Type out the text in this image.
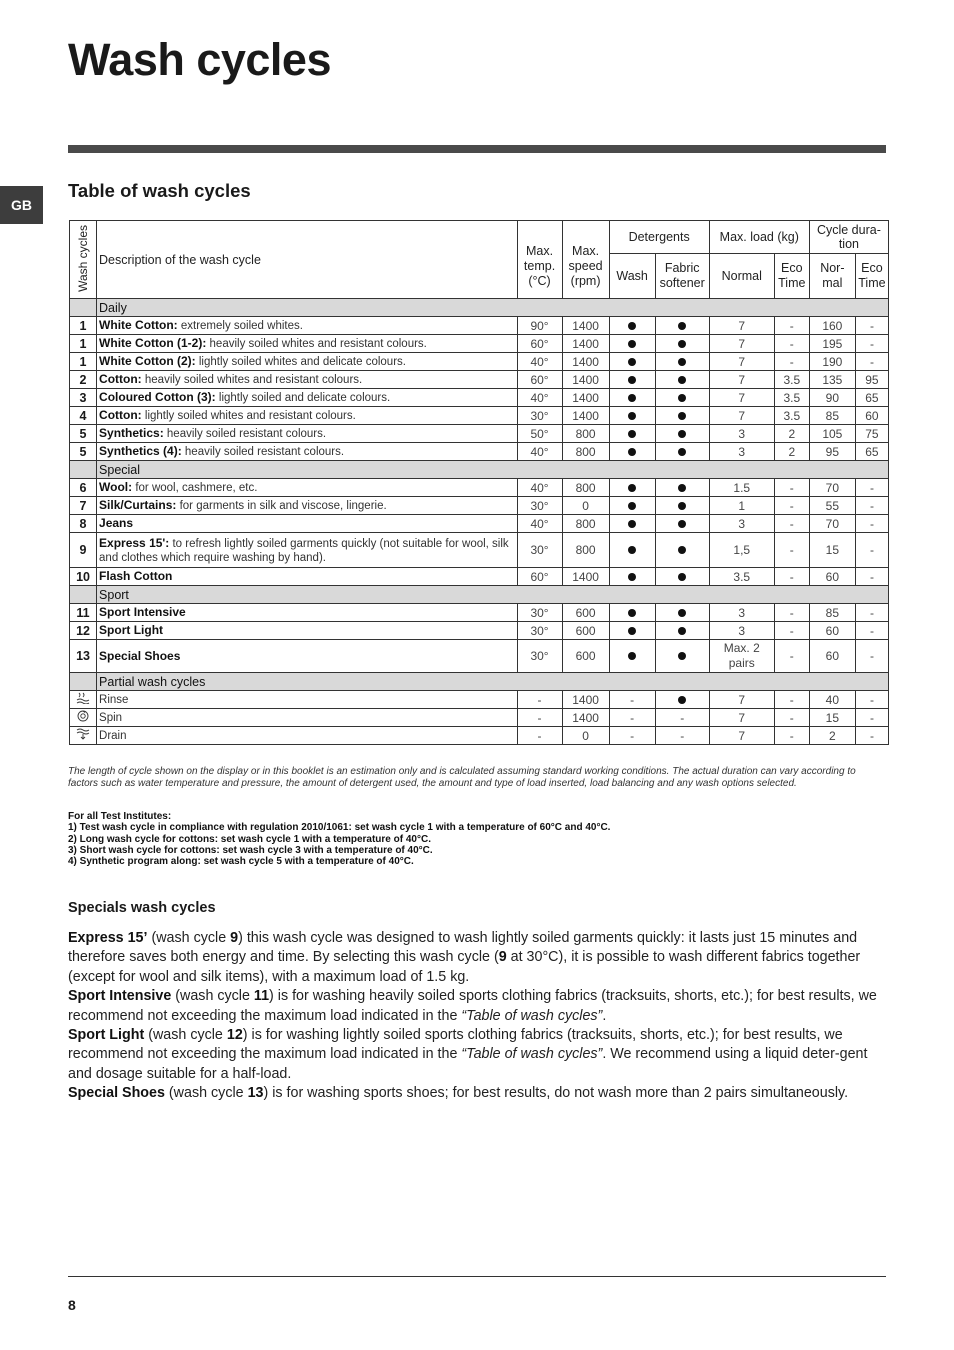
Wash cycles
GB
Table of wash cycles
Wash cycles	Description of the wash cycle	Max. temp. (°C)	Max. speed (rpm)	Detergents		Max. load (kg)		Cycle dura- tion	
				Wash	Fabric softener	Normal	Eco Time	Nor- mal	Eco Time
	Daily								
1	White Cotton: extremely soiled whites.	90°	1400			7	-	160	-
1	White Cotton (1-2): heavily soiled whites and resistant colours.	60°	1400			7	-	195	-
1	White Cotton (2): lightly soiled whites and delicate colours.	40°	1400			7	-	190	-
2	Cotton: heavily soiled whites and resistant colours.	60°	1400			7	3.5	135	95
3	Coloured Cotton (3): lightly soiled and delicate colours.	40°	1400			7	3.5	90	65
4	Cotton: lightly soiled whites and resistant colours.	30°	1400			7	3.5	85	60
5	Synthetics: heavily soiled resistant colours.	50°	800			3	2	105	75
5	Synthetics (4): heavily soiled resistant colours.	40°	800			3	2	95	65
	Special								
6	Wool: for wool, cashmere, etc.	40°	800			1.5	-	70	-
7	Silk/Curtains: for garments in silk and viscose, lingerie.	30°	0			1	-	55	-
8	Jeans	40°	800			3	-	70	-
9	Express 15': to refresh lightly soiled garments quickly (not suitable for wool, silk and clothes which require washing by hand).	30°	800			1,5	-	15	-
10	Flash Cotton	60°	1400			3.5	-	60	-
	Sport								
11	Sport Intensive	30°	600			3	-	85	-
12	Sport Light	30°	600			3	-	60	-
13	Special Shoes	30°	600			Max. 2 pairs	-	60	-
	Partial wash cycles								
	Rinse	-	1400	-		7	-	40	-
	Spin	-	1400	-	-	7	-	15	-
	Drain	-	0	-	-	7	-	2	-

The length of cycle shown on the display or in this booklet is an estimation only and is calculated assuming standard working conditions. The actual duration can vary according to factors such as water temperature and pressure, the amount of detergent used, the amount and type of load inserted, load balancing and any wash options selected.

For all Test Institutes:
1) Test wash cycle in compliance with regulation 2010/1061: set wash cycle 1 with a temperature of 60°C and 40°C.
2) Long wash cycle for cottons: set wash cycle 1 with a temperature of 40°C.
3) Short wash cycle for cottons: set wash cycle 3 with a temperature of 40°C.
4) Synthetic program along: set wash cycle 5 with a temperature of 40°C.
Specials wash cycles

Express 15’ (wash cycle 9) this wash cycle was designed to wash lightly soiled garments quickly: it lasts just 15 minutes and therefore saves both energy and time. By selecting this wash cycle (9 at 30°C), it is possible to wash different fabrics together (except for wool and silk items), with a maximum load of 1.5 kg.

Sport Intensive (wash cycle 11) is for washing heavily soiled sports clothing fabrics (tracksuits, shorts, etc.); for best results, we recommend not exceeding the maximum load indicated in the “Table of wash cycles”.

Sport Light (wash cycle 12) is for washing lightly soiled sports clothing fabrics (tracksuits, shorts, etc.); for best results, we recommend not exceeding the maximum load indicated in the “Table of wash cycles”. We recommend using a liquid deter-gent and dosage suitable for a half-load.

Special Shoes (wash cycle 13) is for washing sports shoes; for best results, do not wash more than 2 pairs simultaneously.

8
